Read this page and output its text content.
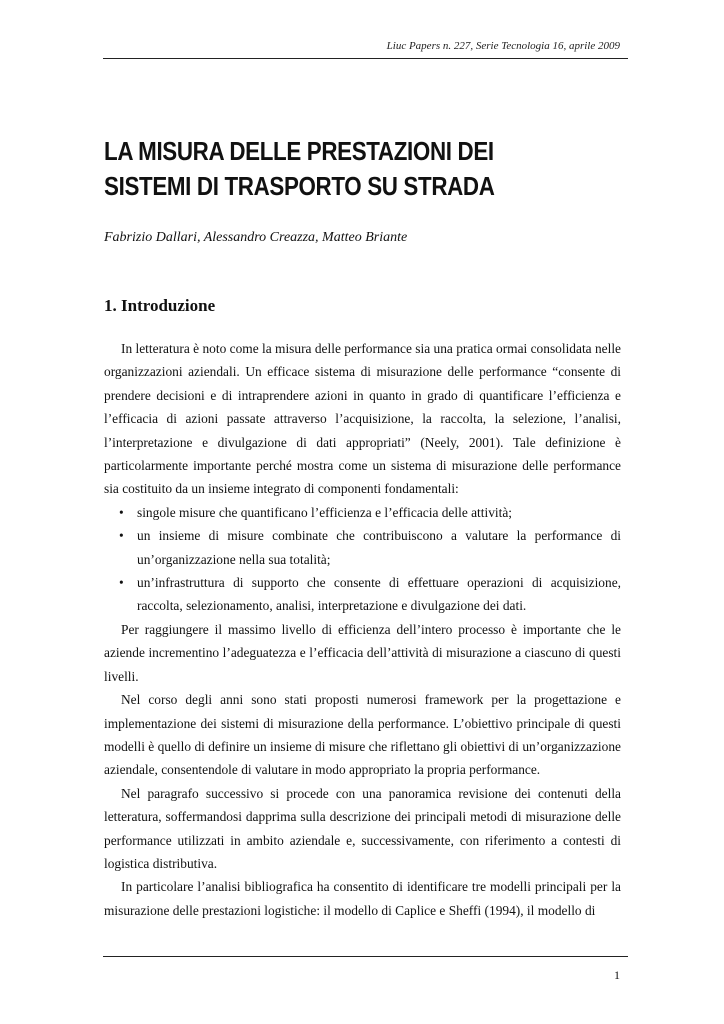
Liuc Papers n. 227, Serie Tecnologia 16, aprile 2009
LA MISURA DELLE PRESTAZIONI DEI
SISTEMI DI TRASPORTO SU STRADA
Fabrizio Dallari, Alessandro Creazza, Matteo Briante
1. Introduzione

In letteratura è noto come la misura delle performance sia una pratica ormai consolidata nelle organizzazioni aziendali. Un efficace sistema di misurazione delle performance “consente di prendere decisioni e di intraprendere azioni in quanto in grado di quantificare l’efficienza e l’efficacia di azioni passate attraverso l’acquisizione, la raccolta, la selezione, l’analisi, l’interpretazione e divulgazione di dati appropriati” (Neely, 2001). Tale definizione è particolarmente importante perché mostra come un sistema di misurazione delle performance sia costituito da un insieme integrato di componenti fondamentali:

• singole misure che quantificano l’efficienza e l’efficacia delle attività;
• un insieme di misure combinate che contribuiscono a valutare la performance di un’organizzazione nella sua totalità;
• un’infrastruttura di supporto che consente di effettuare operazioni di acquisizione, raccolta, selezionamento, analisi, interpretazione e divulgazione dei dati.

Per raggiungere il massimo livello di efficienza dell’intero processo è importante che le aziende incrementino l’adeguatezza e l’efficacia dell’attività di misurazione a ciascuno di questi livelli.

Nel corso degli anni sono stati proposti numerosi framework per la progettazione e implementazione dei sistemi di misurazione della performance. L’obiettivo principale di questi modelli è quello di definire un insieme di misure che riflettano gli obiettivi di un’organizzazione aziendale, consentendole di valutare in modo appropriato la propria performance.

Nel paragrafo successivo si procede con una panoramica revisione dei contenuti della letteratura, soffermandosi dapprima sulla descrizione dei principali metodi di misurazione delle performance utilizzati in ambito aziendale e, successivamente, con riferimento a contesti di logistica distributiva.

In particolare l’analisi bibliografica ha consentito di identificare tre modelli principali per la misurazione delle prestazioni logistiche: il modello di Caplice e Sheffi (1994), il modello di

1
